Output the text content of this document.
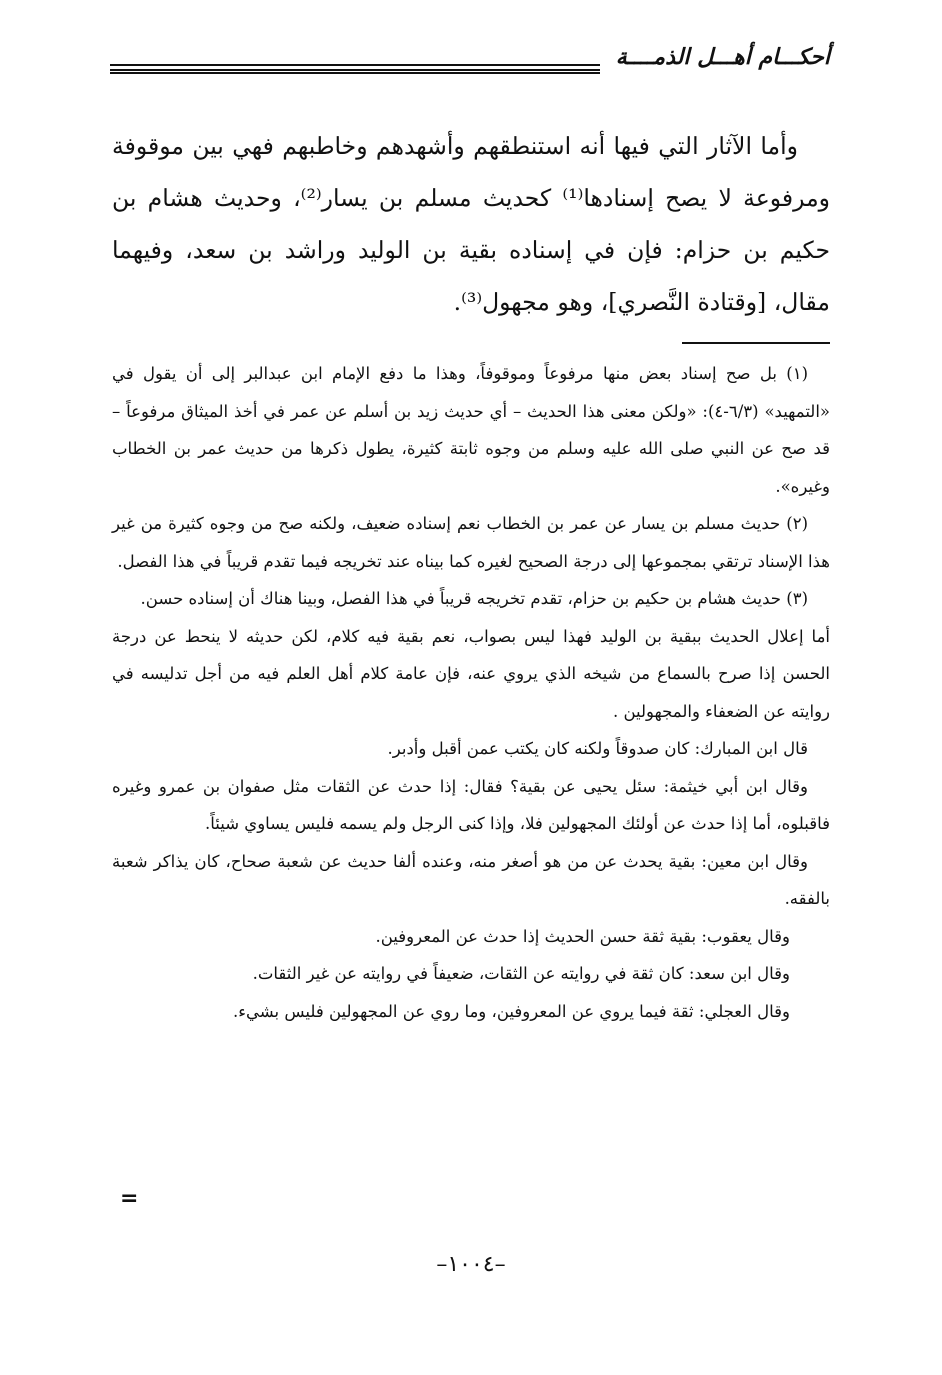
أحكـــام أهـــل الذمــــة

وأما الآثار التي فيها أنه استنطقهم وأشهدهم وخاطبهم فهي بين موقوفة ومرفوعة لا يصح إسنادها⁽¹⁾ كحديث مسلم بن يسار⁽²⁾، وحديث هشام بن حكيم بن حزام: فإن في إسناده بقية بن الوليد وراشد بن سعد، وفيهما مقال، [وقتادة النَّصري]، وهو مجهول⁽³⁾.

(١) بل صح إسناد بعض منها مرفوعاً وموقوفاً، وهذا ما دفع الإمام ابن عبدالبر إلى أن يقول في «التمهيد» (٦/٣-٤): «ولكن معنى هذا الحديث – أي حديث زيد بن أسلم عن عمر في أخذ الميثاق مرفوعاً – قد صح عن النبي صلى الله عليه وسلم من وجوه ثابتة كثيرة، يطول ذكرها من حديث عمر بن الخطاب وغيره».

(٢) حديث مسلم بن يسار عن عمر بن الخطاب نعم إسناده ضعيف، ولكنه صح من وجوه كثيرة من غير هذا الإسناد ترتقي بمجموعها إلى درجة الصحيح لغيره كما بيناه عند تخريجه فيما تقدم قريباً في هذا الفصل.

(٣) حديث هشام بن حكيم بن حزام، تقدم تخريجه قريباً في هذا الفصل، وبينا هناك أن إسناده حسن.

أما إعلال الحديث ببقية بن الوليد فهذا ليس بصواب، نعم بقية فيه كلام، لكن حديثه لا ينحط عن درجة الحسن إذا صرح بالسماع من شيخه الذي يروي عنه، فإن عامة كلام أهل العلم فيه من أجل تدليسه في روايته عن الضعفاء والمجهولين .

قال ابن المبارك: كان صدوقاً ولكنه كان يكتب عمن أقبل وأدبر.

وقال ابن أبي خيثمة: سئل يحيى عن بقية؟ فقال: إذا حدث عن الثقات مثل صفوان بن عمرو وغيره فاقبلوه، أما إذا حدث عن أولئك المجهولين فلا، وإذا كنى الرجل ولم يسمه فليس يساوي شيئاً.

وقال ابن معين: بقية يحدث عن من هو أصغر منه، وعنده ألفا حديث عن شعبة صحاح، كان يذاكر شعبة بالفقه.

وقال يعقوب: بقية ثقة حسن الحديث إذا حدث عن المعروفين.

وقال ابن سعد: كان ثقة في روايته عن الثقات، ضعيفاً في روايته عن غير الثقات.

وقال العجلي: ثقة فيما يروي عن المعروفين، وما روي عن المجهولين فليس بشيء.

=
–١٠٠٤–
